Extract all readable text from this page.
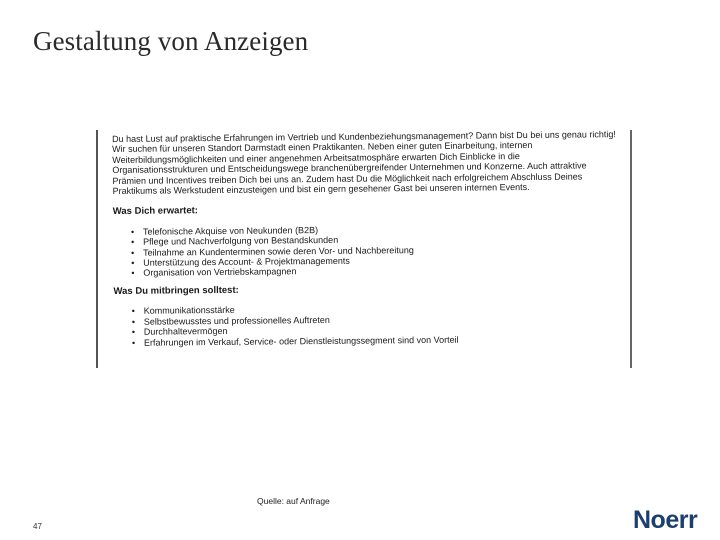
Gestaltung von Anzeigen

Du hast Lust auf praktische Erfahrungen im Vertrieb und Kundenbeziehungsmanagement? Dann bist Du bei uns genau richtig!

Wir suchen für unseren Standort Darmstadt einen Praktikanten. Neben einer guten Einarbeitung, internen

Weiterbildungsmöglichkeiten und einer angenehmen Arbeitsatmosphäre erwarten Dich Einblicke in die

Organisationsstrukturen und Entscheidungswege branchenübergreifender Unternehmen und Konzerne. Auch attraktive

Prämien und Incentives treiben Dich bei uns an. Zudem hast Du die Möglichkeit nach erfolgreichem Abschluss Deines

Praktikums als Werkstudent einzusteigen und bist ein gern gesehener Gast bei unseren internen Events.

Was Dich erwartet:

• Telefonische Akquise von Neukunden (B2B)
• Pflege und Nachverfolgung von Bestandskunden
• Teilnahme an Kundenterminen sowie deren Vor- und Nachbereitung
• Unterstützung des Account- & Projektmanagements
• Organisation von Vertriebskampagnen

Was Du mitbringen solltest:

• Kommunikationsstärke
• Selbstbewusstes und professionelles Auftreten
• Durchhaltevermögen
• Erfahrungen im Verkauf, Service- oder Dienstleistungssegment sind von Vorteil
Quelle: auf Anfrage
47	Noerr
